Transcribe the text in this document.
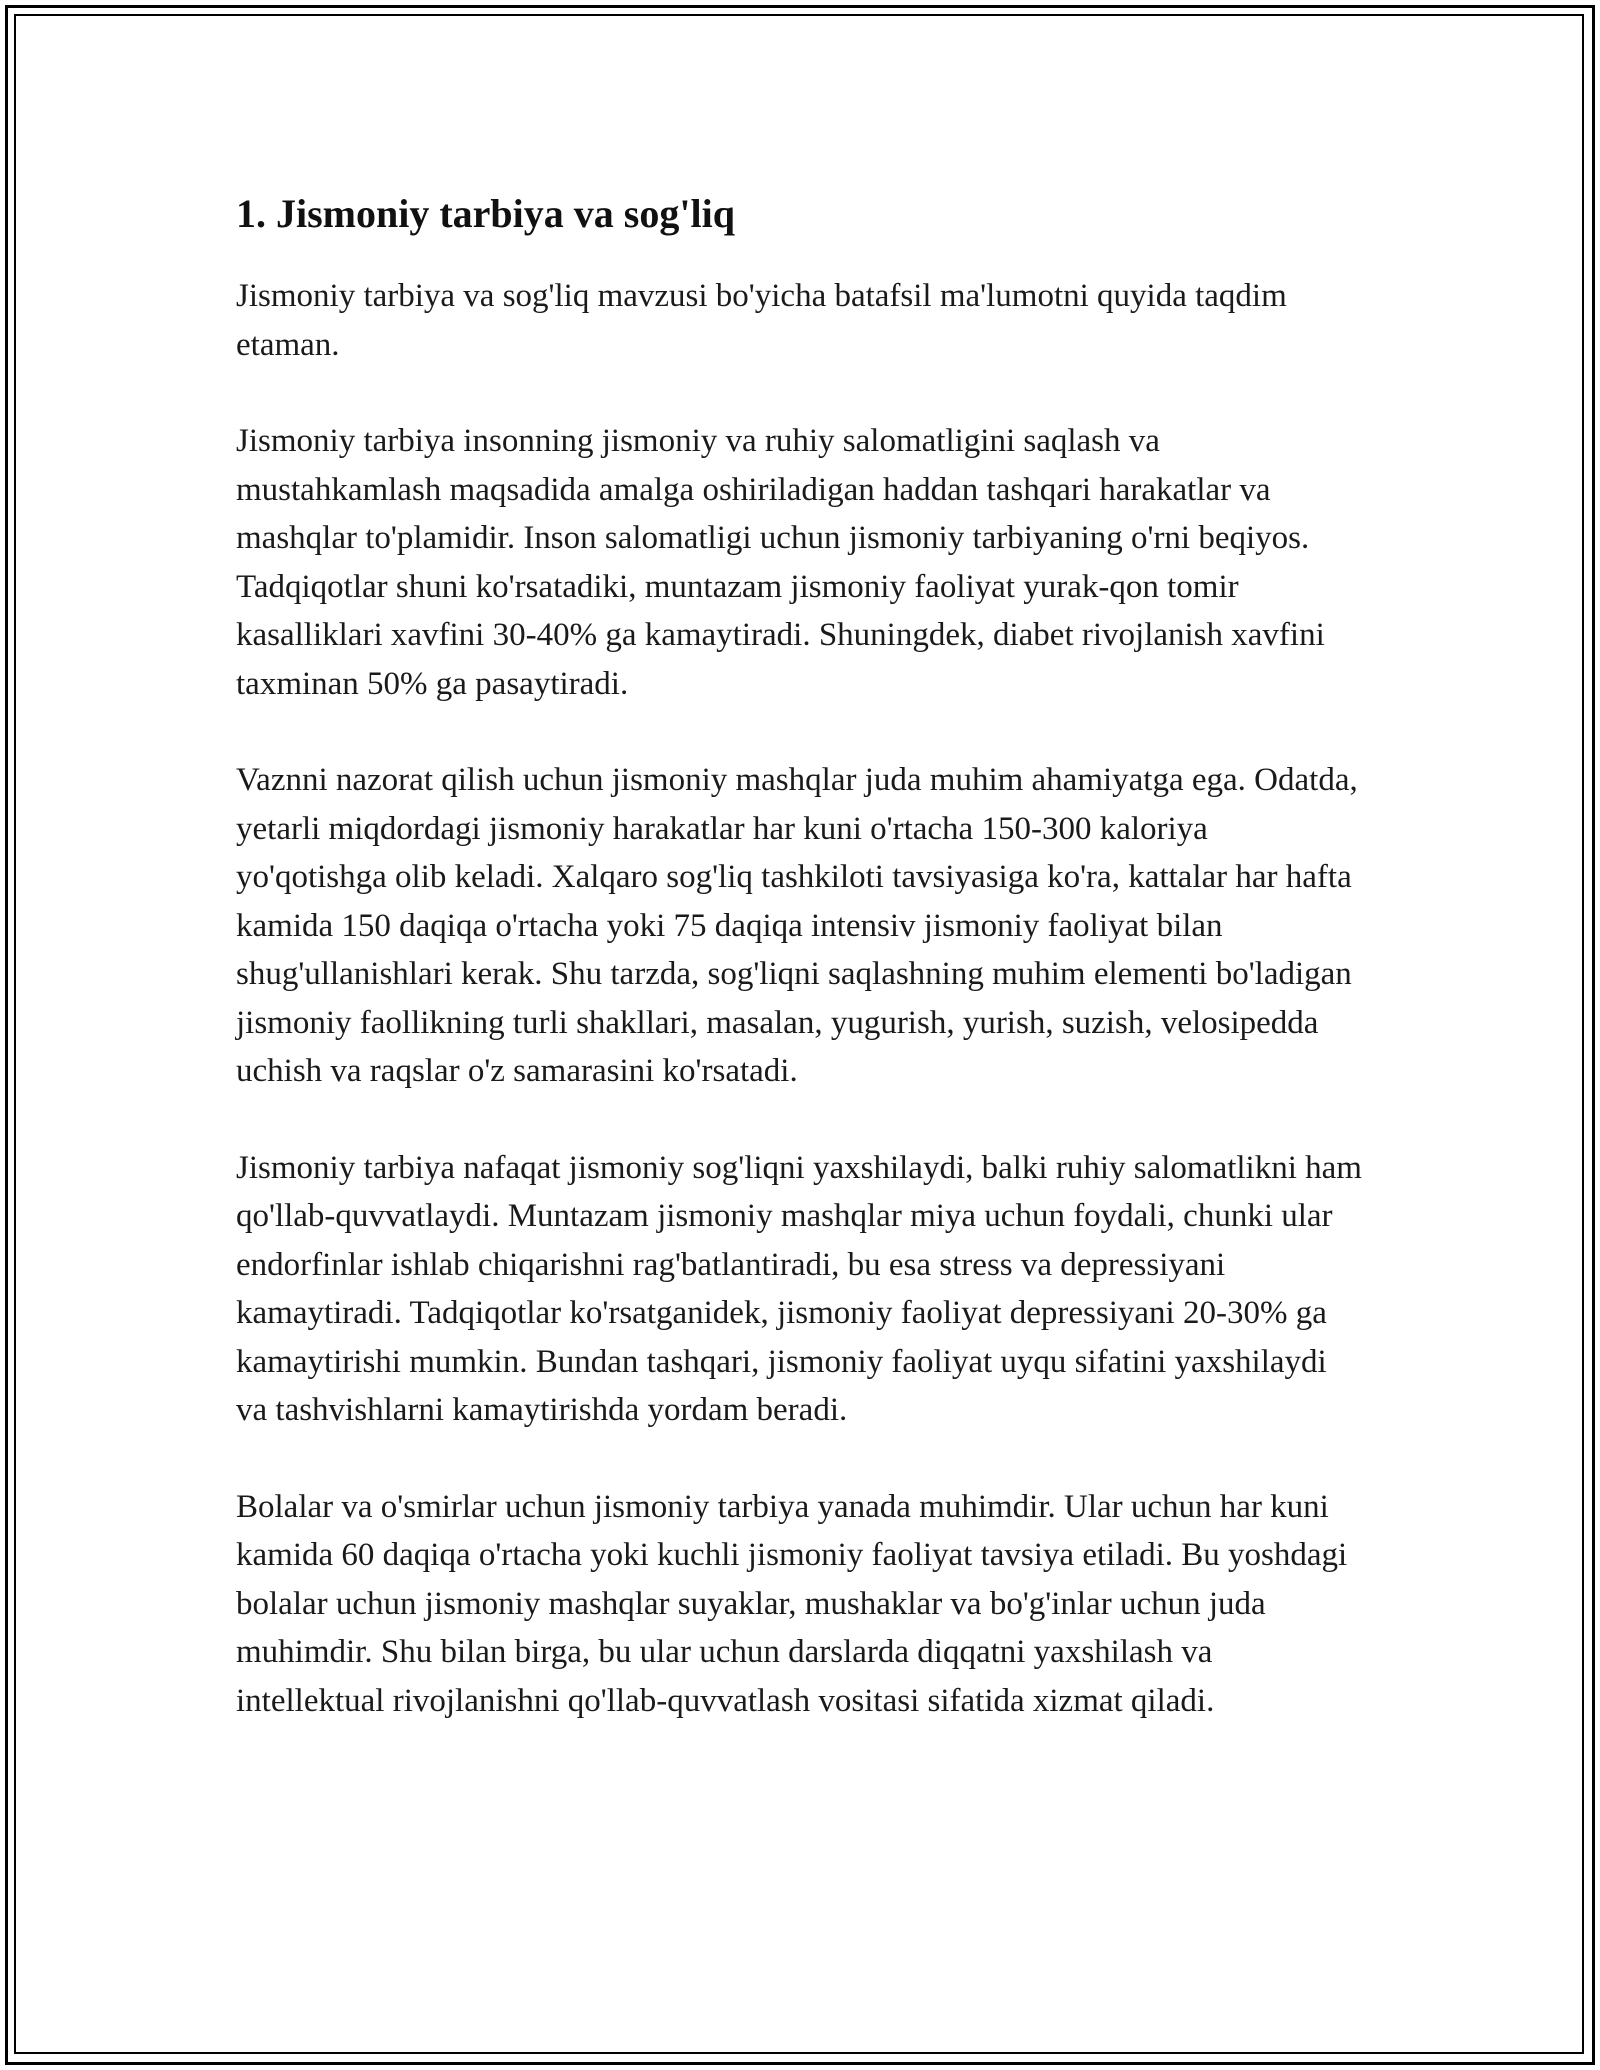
1. Jismoniy tarbiya va sog'liq

Jismoniy tarbiya va sog'liq mavzusi bo'yicha batafsil ma'lumotni quyida taqdim etaman.

Jismoniy tarbiya insonning jismoniy va ruhiy salomatligini saqlash va mustahkamlash maqsadida amalga oshiriladigan haddan tashqari harakatlar va mashqlar to'plamidir. Inson salomatligi uchun jismoniy tarbiyaning o'rni beqiyos. Tadqiqotlar shuni ko'rsatadiki, muntazam jismoniy faoliyat yurak-qon tomir kasalliklari xavfini 30-40% ga kamaytiradi. Shuningdek, diabet rivojlanish xavfini taxminan 50% ga pasaytiradi.

Vaznni nazorat qilish uchun jismoniy mashqlar juda muhim ahamiyatga ega. Odatda, yetarli miqdordagi jismoniy harakatlar har kuni o'rtacha 150-300 kaloriya yo'qotishga olib keladi. Xalqaro sog'liq tashkiloti tavsiyasiga ko'ra, kattalar har hafta kamida 150 daqiqa o'rtacha yoki 75 daqiqa intensiv jismoniy faoliyat bilan shug'ullanishlari kerak. Shu tarzda, sog'liqni saqlashning muhim elementi bo'ladigan jismoniy faollikning turli shakllari, masalan, yugurish, yurish, suzish, velosipedda uchish va raqslar o'z samarasini ko'rsatadi.

Jismoniy tarbiya nafaqat jismoniy sog'liqni yaxshilaydi, balki ruhiy salomatlikni ham qo'llab-quvvatlaydi. Muntazam jismoniy mashqlar miya uchun foydali, chunki ular endorfinlar ishlab chiqarishni rag'batlantiradi, bu esa stress va depressiyani kamaytiradi. Tadqiqotlar ko'rsatganidek, jismoniy faoliyat depressiyani 20-30% ga kamaytirishi mumkin. Bundan tashqari, jismoniy faoliyat uyqu sifatini yaxshilaydi va tashvishlarni kamaytirishda yordam beradi.

Bolalar va o'smirlar uchun jismoniy tarbiya yanada muhimdir. Ular uchun har kuni kamida 60 daqiqa o'rtacha yoki kuchli jismoniy faoliyat tavsiya etiladi. Bu yoshdagi bolalar uchun jismoniy mashqlar suyaklar, mushaklar va bo'g'inlar uchun juda muhimdir. Shu bilan birga, bu ular uchun darslarda diqqatni yaxshilash va intellektual rivojlanishni qo'llab-quvvatlash vositasi sifatida xizmat qiladi.
